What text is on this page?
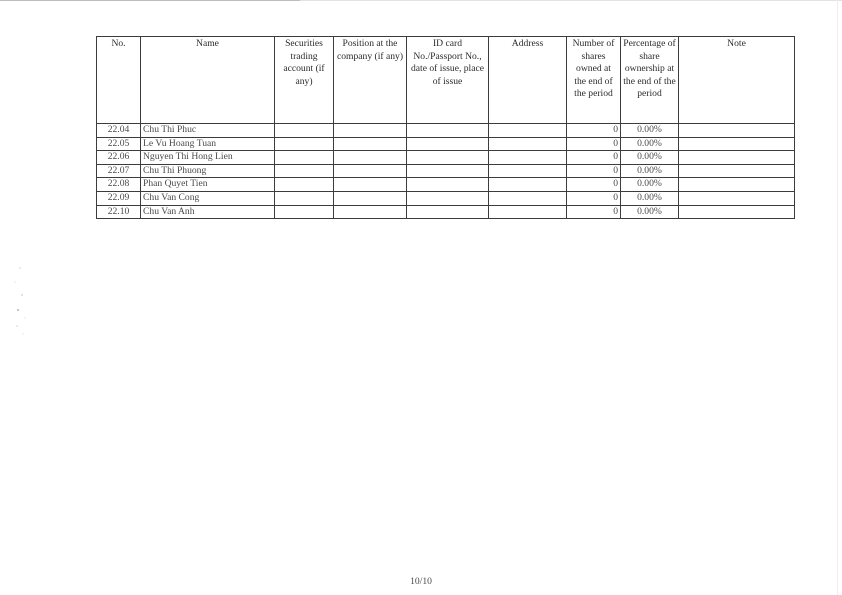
No.	Name	Securities trading account (if any)	Position at the company (if any)	ID card No./Passport No., date of issue, place of issue	Address	Number of shares owned at the end of the period	Percentage of share ownership at the end of the period	Note
22.04	Chu Thi Phuc					0	0.00%	
22.05	Le Vu Hoang Tuan					0	0.00%	
22.06	Nguyen Thi Hong Lien					0	0.00%	
22.07	Chu Thi Phuong					0	0.00%	
22.08	Phan Quyet Tien					0	0.00%	
22.09	Chu Van Cong					0	0.00%	
22.10	Chu Van Anh					0	0.00%	
10/10
